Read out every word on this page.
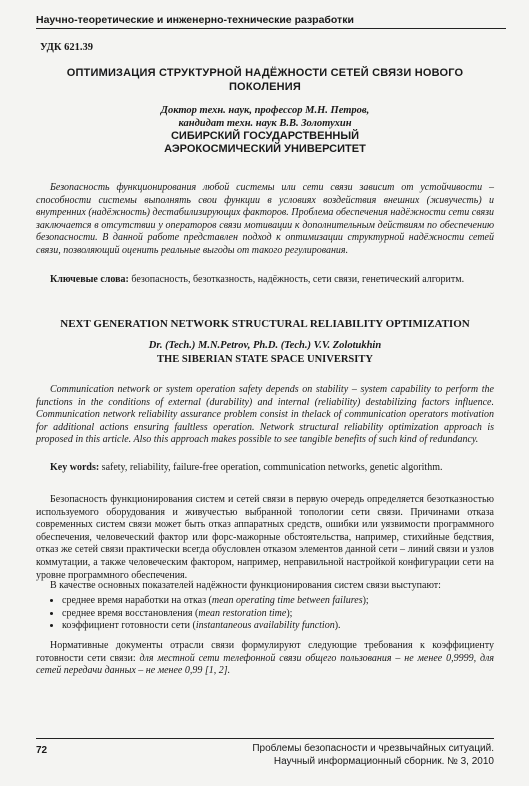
Научно-теоретические и инженерно-технические разработки
УДК 621.39
ОПТИМИЗАЦИЯ СТРУКТУРНОЙ НАДЁЖНОСТИ СЕТЕЙ СВЯЗИ НОВОГО ПОКОЛЕНИЯ
Доктор техн. наук, профессор М.Н. Петров,
кандидат техн. наук В.В. Золотухин
СИБИРСКИЙ ГОСУДАРСТВЕННЫЙ
АЭРОКОСМИЧЕСКИЙ УНИВЕРСИТЕТ
Безопасность функционирования любой системы или сети связи зависит от устойчивости – способности системы выполнять свои функции в условиях воздействия внешних (живучесть) и внутренних (надёжность) дестабилизирующих факторов. Проблема обеспечения надёжности сети связи заключается в отсутствии у операторов связи мотивации к дополнительным действиям по обеспечению безопасности. В данной работе представлен подход к оптимизации структурной надёжности сетей связи, позволяющий оценить реальные выгоды от такого регулирования.
Ключевые слова: безопасность, безотказность, надёжность, сети связи, генетический алгоритм.
NEXT GENERATION NETWORK STRUCTURAL RELIABILITY OPTIMIZATION
Dr. (Tech.) M.N.Petrov, Ph.D. (Tech.) V.V. Zolotukhin
THE SIBERIAN STATE SPACE UNIVERSITY
Communication network or system operation safety depends on stability – system capability to perform the functions in the conditions of external (durability) and internal (reliability) destabilizing factors influence. Communication network reliability assurance problem consist in thelack of communication operators motivation for additional actions ensuring faultless operation. Network structural reliability optimization approach is proposed in this article. Also this approach makes possible to see tangible benefits of such kind of redundancy.
Key words: safety, reliability, failure-free operation, communication networks, genetic algorithm.
Безопасность функционирования систем и сетей связи в первую очередь определяется безотказностью используемого оборудования и живучестью выбранной топологии сети связи. Причинами отказа современных систем связи может быть отказ аппаратных средств, ошибки или уязвимости программного обеспечения, человеческий фактор или форс-мажорные обстоятельства, например, стихийные бедствия, отказ же сетей связи практически всегда обусловлен отказом элементов данной сети – линий связи и узлов коммутации, а также человеческим фактором, например, неправильной настройкой конфигурации сети на уровне программного обеспечения.
В качестве основных показателей надёжности функционирования систем связи выступают:
• среднее время наработки на отказ (mean operating time between failures);
• среднее время восстановления (mean restoration time);
• коэффициент готовности сети (instantaneous availability function).
Нормативные документы отрасли связи формулируют следующие требования к коэффициенту готовности сети связи: для местной сети телефонной связи общего пользования – не менее 0,9999, для сетей передачи данных – не менее 0,99 [1, 2].
72	Проблемы безопасности и чрезвычайных ситуаций.
Научный информационный сборник. № 3, 2010
